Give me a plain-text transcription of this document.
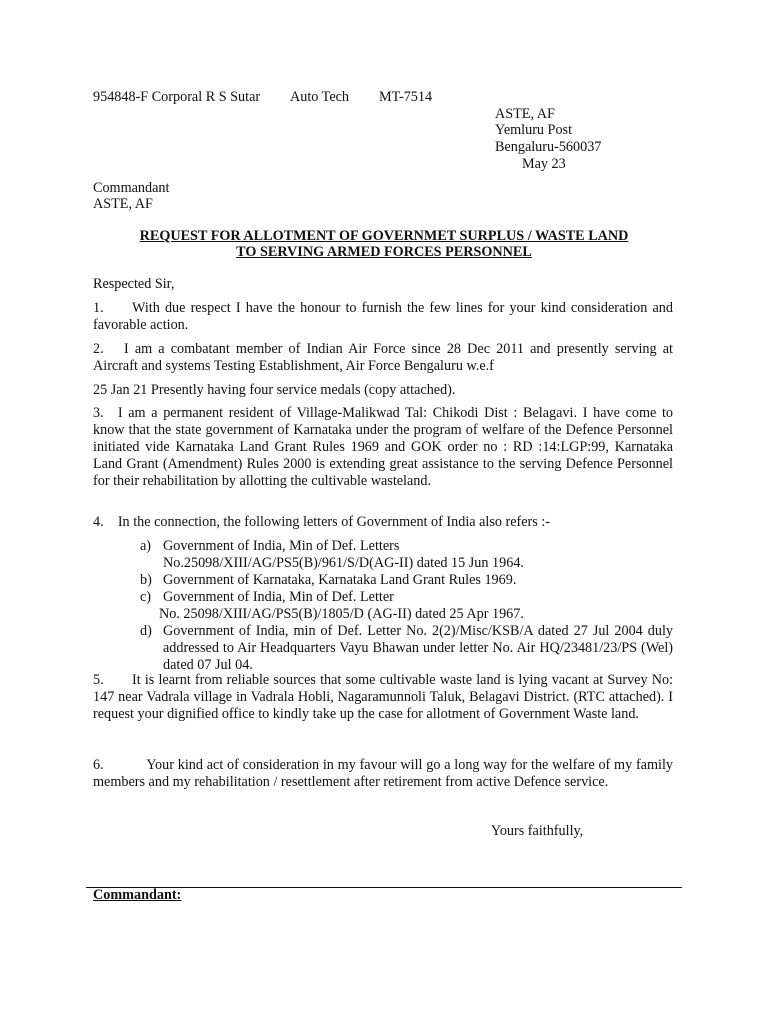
954848-F Corporal R S Sutar Auto Tech MT-7514
ASTE, AF
Yemluru Post
Bengaluru-560037
May 23
Commandant
ASTE, AF
REQUEST FOR ALLOTMENT OF GOVERNMET SURPLUS / WASTE LAND
TO SERVING ARMED FORCES PERSONNEL
Respected Sir,
1.  With due respect I have the honour to furnish the few lines for your kind consideration and favorable action.
2.  I am a combatant member of Indian Air Force since 28 Dec 2011 and presently serving at Aircraft and systems Testing Establishment, Air Force Bengaluru w.e.f
25 Jan 21 Presently having four service medals (copy attached).
3. I am a permanent resident of Village-Malikwad Tal: Chikodi Dist : Belagavi. I have come to know that the state government of Karnataka under the program of welfare of the Defence Personnel initiated vide Karnataka Land Grant Rules 1969 and GOK order no : RD :14:LGP:99, Karnataka Land Grant (Amendment) Rules 2000 is extending great assistance to the serving Defence Personnel for their rehabilitation by allotting the cultivable wasteland.
4. In the connection, the following letters of Government of India also refers :-
a) Government of India, Min of Def. Letters
No.25098/XIII/AG/PS5(B)/961/S/D(AG-II) dated 15 Jun 1964.
b) Government of Karnataka, Karnataka Land Grant Rules 1969.
c) Government of India, Min of Def. Letter
No. 25098/XIII/AG/PS5(B)/1805/D (AG-II) dated 25 Apr 1967.
d) Government of India, min of Def. Letter No. 2(2)/Misc/KSB/A dated 27 Jul 2004 duly addressed to Air Headquarters Vayu Bhawan under letter No. Air HQ/23481/23/PS (Wel) dated 07 Jul 04.
5.  It is learnt from reliable sources that some cultivable waste land is lying vacant at Survey No: 147 near Vadrala village in Vadrala Hobli, Nagaramunnoli Taluk, Belagavi District. (RTC attached). I request your dignified office to kindly take up the case for allotment of Government Waste land.
6.   Your kind act of consideration in my favour will go a long way for the welfare of my family members and my rehabilitation / resettlement after retirement from active Defence service.
Yours faithfully,
Commandant:
